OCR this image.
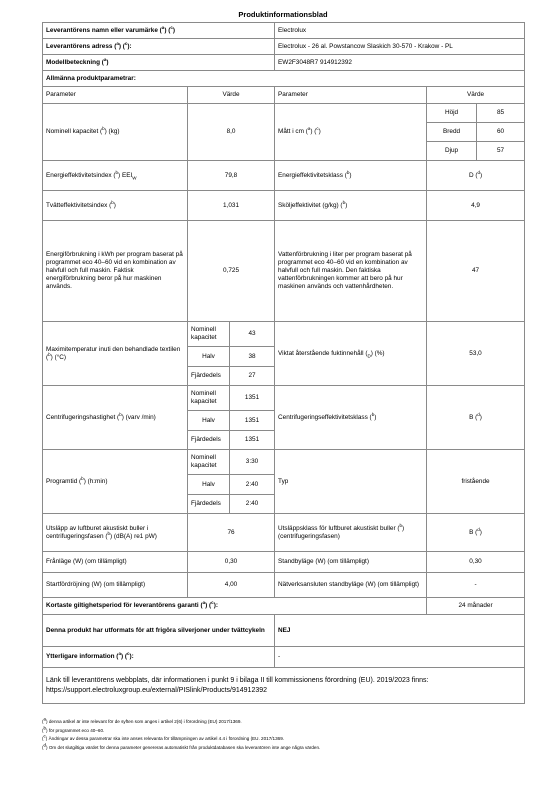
Produktinformationsblad
Leverantörens namn eller varumärke ($^a$) ($^c$)			Electrolux		
Leverantörens adress ($^a$) ($^c$):			Electrolux - 26 al. Powstancow Slaskich 30-570 - Krakow - PL		
Modellbeteckning ($^a$)			EW2F3048R7 914912392		
Allmänna produktparametrar:					
Parameter	Värde		Parameter	Värde	
Nominell kapacitet ($^b$) (kg)	8,0		Mått i cm ($^a$) ($^c$)	Höjd	85
				Bredd	60
				Djup	57
Energieffektivitetsindex ($^b$) $EEI_W$	79,8		Energieffektivitetsklass ($^b$)	D ($^d$)	
Tvätteffektivitetsindex ($^b$)	1,031		Sköljeffektivitet (g/kg) ($^b$)	4,9	
Energiförbrukning i kWh per program baserat på programmet eco 40–60 vid en kombination av halvfull och full maskin. Faktisk energiförbrukning beror på hur maskinen används.	0,725		Vattenförbrukning i liter per program baserat på programmet eco 40–60 vid en kombination av halvfull och full maskin. Den faktiska vattenförbrukningen kommer att bero på hur maskinen används och vattenhårdheten.	47	
Maximitemperatur inuti den behandlade textilen ($^b$) (°C)	Nominell kapacitet	43	Viktat återstående fuktinnehåll $(_D)$ (%)	53,0	
	Halv	38			
	Fjärdedels	27			
Centrifugeringshastighet ($^b$) (varv /min)	Nominell kapacitet	1351	Centrifugeringseffektivitetsklass ($^b$)	B ($^d$)	
	Halv	1351			
	Fjärdedels	1351			
Programtid ($^b$) (h:min)	Nominell kapacitet	3:30	Typ	fristående	
	Halv	2:40			
	Fjärdedels	2:40			
Utsläpp av luftburet akustiskt buller i centrifugeringsfasen ($^b$) (dB(A) re1 pW)	76		Utsläppsklass för luftburet akustiskt buller ($^b$) (centrifugeringsfasen)	B ($^d$)	
Frånläge (W) (om tillämpligt)	0,30		Standbyläge (W) (om tillämpligt)	0,30	
Startfördröjning (W) (om tillämpligt)	4,00		Nätverksansluten standbyläge (W) (om tillämpligt)	-	
Kortaste giltighetsperiod för leverantörens garanti ($^a$) ($^c$):				24 månader	
Denna produkt har utformats för att frigöra silverjoner under tvättcykeln			NEJ		
Ytterligare information ($^a$) ($^c$):			-		
Länk till leverantörens webbplats, där informationen i punkt 9 i bilaga II till kommissionens förordning (EU). 2019/2023 finns: https://support.electroluxgroup.eu/external/PISlink/Products/914912392					
(a) denna artikel är inte relevant för de syften som anges i artikel 2(6) i förordning (EU) 2017/1369.
(b) för programmet eco 40–60.
(c) Ändringar av dessa parametrar ska inte anses relevanta för tillämpningen av artikel 4.4 i förordning (EU. 2017/1369.
(d) Om det slutgiltiga värdet för denna parameter genereras automatiskt från produktdatabasen ska leverantören inte ange några värden.
